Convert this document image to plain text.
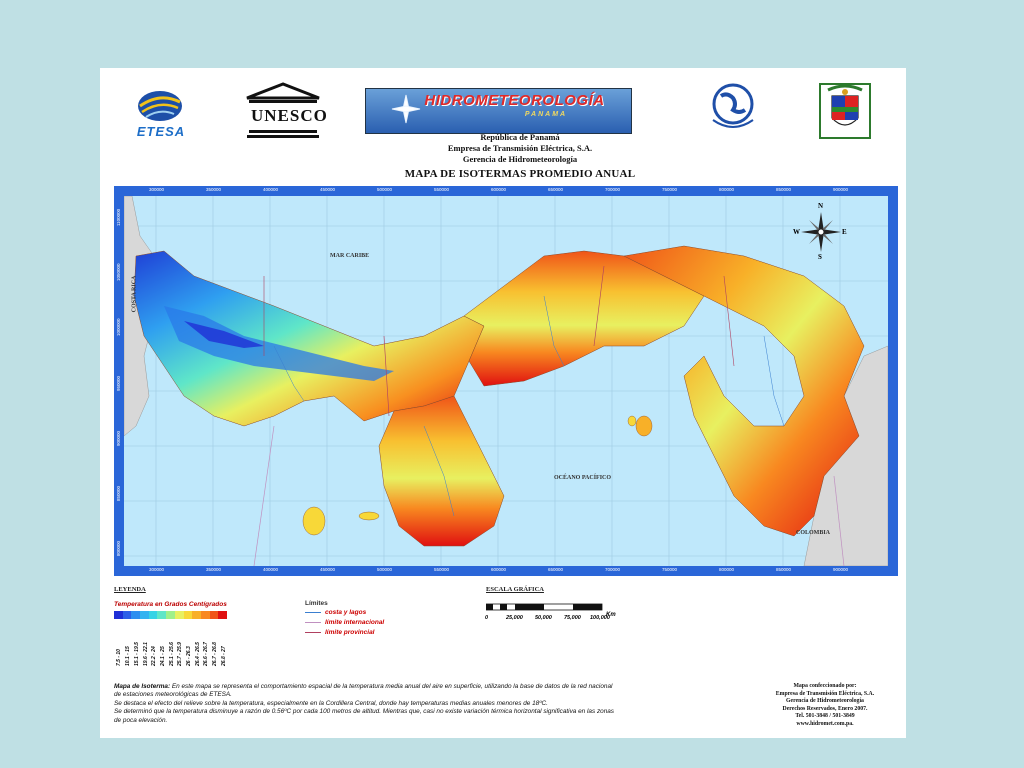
ETESA
UNESCO
HIDROMETEOROLOGÍA
PANAMA
República de Panamá
Empresa de Transmisión Eléctrica, S.A.
Gerencia de Hidrometeorología
MAPA DE ISOTERMAS PROMEDIO ANUAL
300000	350000	400000	450000	500000	550000	600000	650000	700000	750000	800000	850000	900000
300000	350000	400000	450000	500000	550000	600000	650000	700000	750000	800000	850000	900000
1100000
1050000
1000000
950000
900000
850000
800000
MAR CARIBE
OCÉANO PACÍFICO
COSTA RICA
COLOMBIA
N
S
W	E
LEYENDA
Temperatura en Grados Centígrados
7.5 - 10 10.1 - 15 15.1 - 19.5 19.6 - 22.1 22.2 - 24 24.1 - 25 25.1 - 25.6 25.7 - 25.9 26 - 26.3 26.4 - 26.5 26.6 - 26.7 26.7 - 26.8 26.8 - 27
Límites
costa y lagos
límite internacional
límite provincial
ESCALA GRÁFICA
Km
0	25,000 50,000 75,000 100,000
Mapa de Isoterma: En este mapa se representa el comportamiento espacial de la temperatura media anual del aire en superficie, utilizando la base de datos de la red nacional de estaciones meteorológicas de ETESA.
Se destaca el efecto del relieve sobre la temperatura, especialmente en la Cordillera Central, donde hay temperaturas medias anuales menores de 18ºC.
Se determinó que la temperatura disminuye a razón de 0.56ºC por cada 100 metros de altitud. Mientras que, casi no existe variación térmica horizontal significativa en las zonas de poca elevación.
Mapa confeccionado por:
Empresa de Transmisión Eléctrica, S.A.
Gerencia de Hidrometeorología
Derechos Reservados, Enero 2007.
Tel. 501-3848 / 501-3849
www.hidromet.com.pa.
